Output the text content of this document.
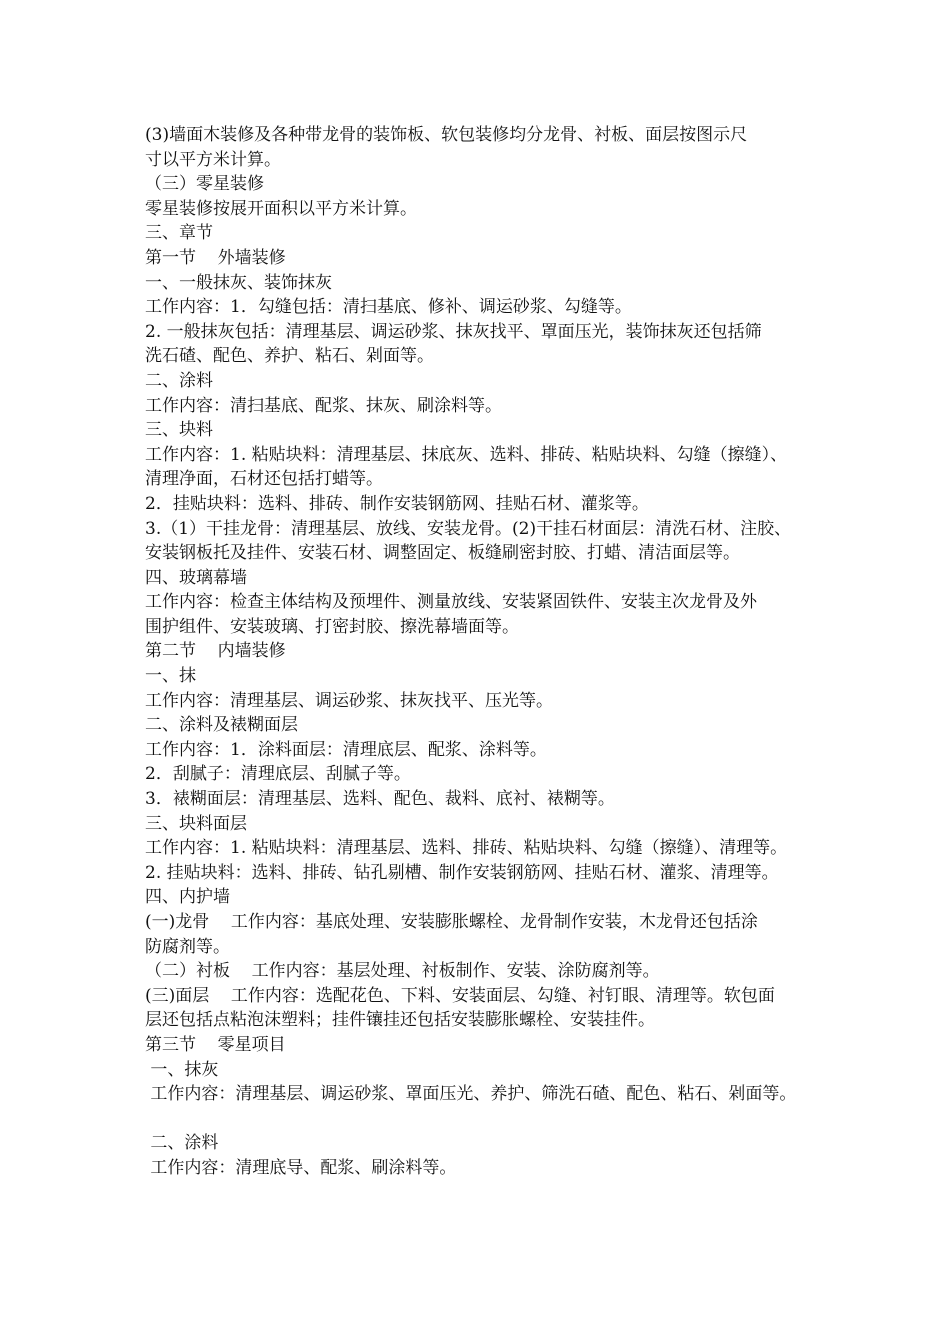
(3)墙面木装修及各种带龙骨的装饰板、软包装修均分龙骨、衬板、面层按图示尺
寸以平方米计算。
（三）零星装修
零星装修按展开面积以平方米计算。
三、章节
第一节    外墙装修
一、一般抹灰、装饰抹灰
工作内容：1．勾缝包括：清扫基底、修补、调运砂浆、勾缝等。
2. 一般抹灰包括：清理基层、调运砂浆、抹灰找平、罩面压光，装饰抹灰还包括筛
洗石碴、配色、养护、粘石、剁面等。
二、涂料
工作内容：清扫基底、配浆、抹灰、刷涂料等。
三、块料
工作内容：1. 粘贴块料：清理基层、抹底灰、选料、排砖、粘贴块料、勾缝（擦缝）、
清理净面，石材还包括打蜡等。
2．挂贴块料：选料、排砖、制作安装钢筋网、挂贴石材、灌浆等。
3.（1）干挂龙骨：清理基层、放线、安装龙骨。(2)干挂石材面层：清洗石材、注胶、
安装钢板托及挂件、安装石材、调整固定、板缝刷密封胶、打蜡、清洁面层等。
四、玻璃幕墙
工作内容：检查主体结构及预埋件、测量放线、安装紧固铁件、安装主次龙骨及外
围护组件、安装玻璃、打密封胶、擦洗幕墙面等。
第二节    内墙装修
一、抹
工作内容：清理基层、调运砂浆、抹灰找平、压光等。
二、涂料及裱糊面层
工作内容：1．涂料面层：清理底层、配浆、涂料等。
2．刮腻子：清理底层、刮腻子等。
3．裱糊面层：清理基层、选料、配色、裁料、底衬、裱糊等。
三、块料面层
工作内容：1. 粘贴块料：清理基层、选料、排砖、粘贴块料、勾缝（擦缝）、清理等。
2. 挂贴块料：选料、排砖、钻孔剔槽、制作安装钢筋网、挂贴石材、灌浆、清理等。
四、内护墙
(一)龙骨    工作内容：基底处理、安装膨胀螺栓、龙骨制作安装，木龙骨还包括涂
防腐剂等。
（二）衬板    工作内容：基层处理、衬板制作、安装、涂防腐剂等。
(三)面层    工作内容：选配花色、下料、安装面层、勾缝、衬钉眼、清理等。软包面
层还包括点粘泡沫塑料；挂件镶挂还包括安装膨胀螺栓、安装挂件。
第三节    零星项目
一、抹灰
工作内容：清理基层、调运砂浆、罩面压光、养护、筛洗石碴、配色、粘石、剁面等。
二、涂料
工作内容：清理底导、配浆、刷涂料等。
